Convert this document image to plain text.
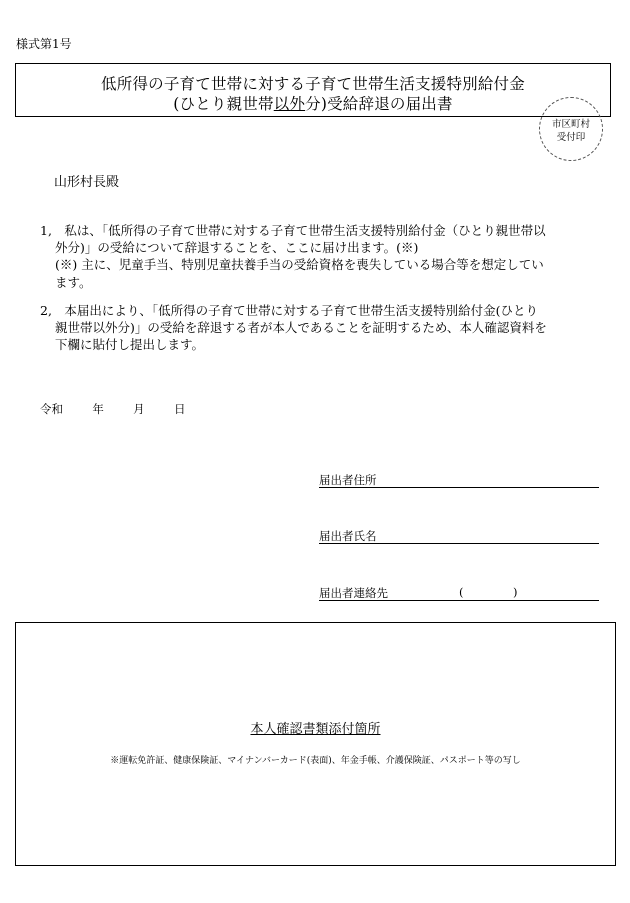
様式第1号
低所得の子育て世帯に対する子育て世帯生活支援特別給付金
(ひとり親世帯以外分)受給辞退の届出書
市区町村
受付印
山形村長殿
1,　私は、「低所得の子育て世帯に対する子育て世帯生活支援特別給付金（ひとり親世帯以
外分)」の受給について辞退することを、ここに届け出ます。(※)
(※) 主に、児童手当、特別児童扶養手当の受給資格を喪失している場合等を想定してい
ます。
2,　本届出により、「低所得の子育て世帯に対する子育て世帯生活支援特別給付金(ひとり
親世帯以外分)」の受給を辞退する者が本人であることを証明するため、本人確認資料を
下欄に貼付し提出します。
令和	年	月	日
届出者住所
届出者氏名
届出者連絡先	(	)
本人確認書類添付箇所
※運転免許証、健康保険証、マイナンバーカード(表面)、年金手帳、介護保険証、パスポート等の写し
